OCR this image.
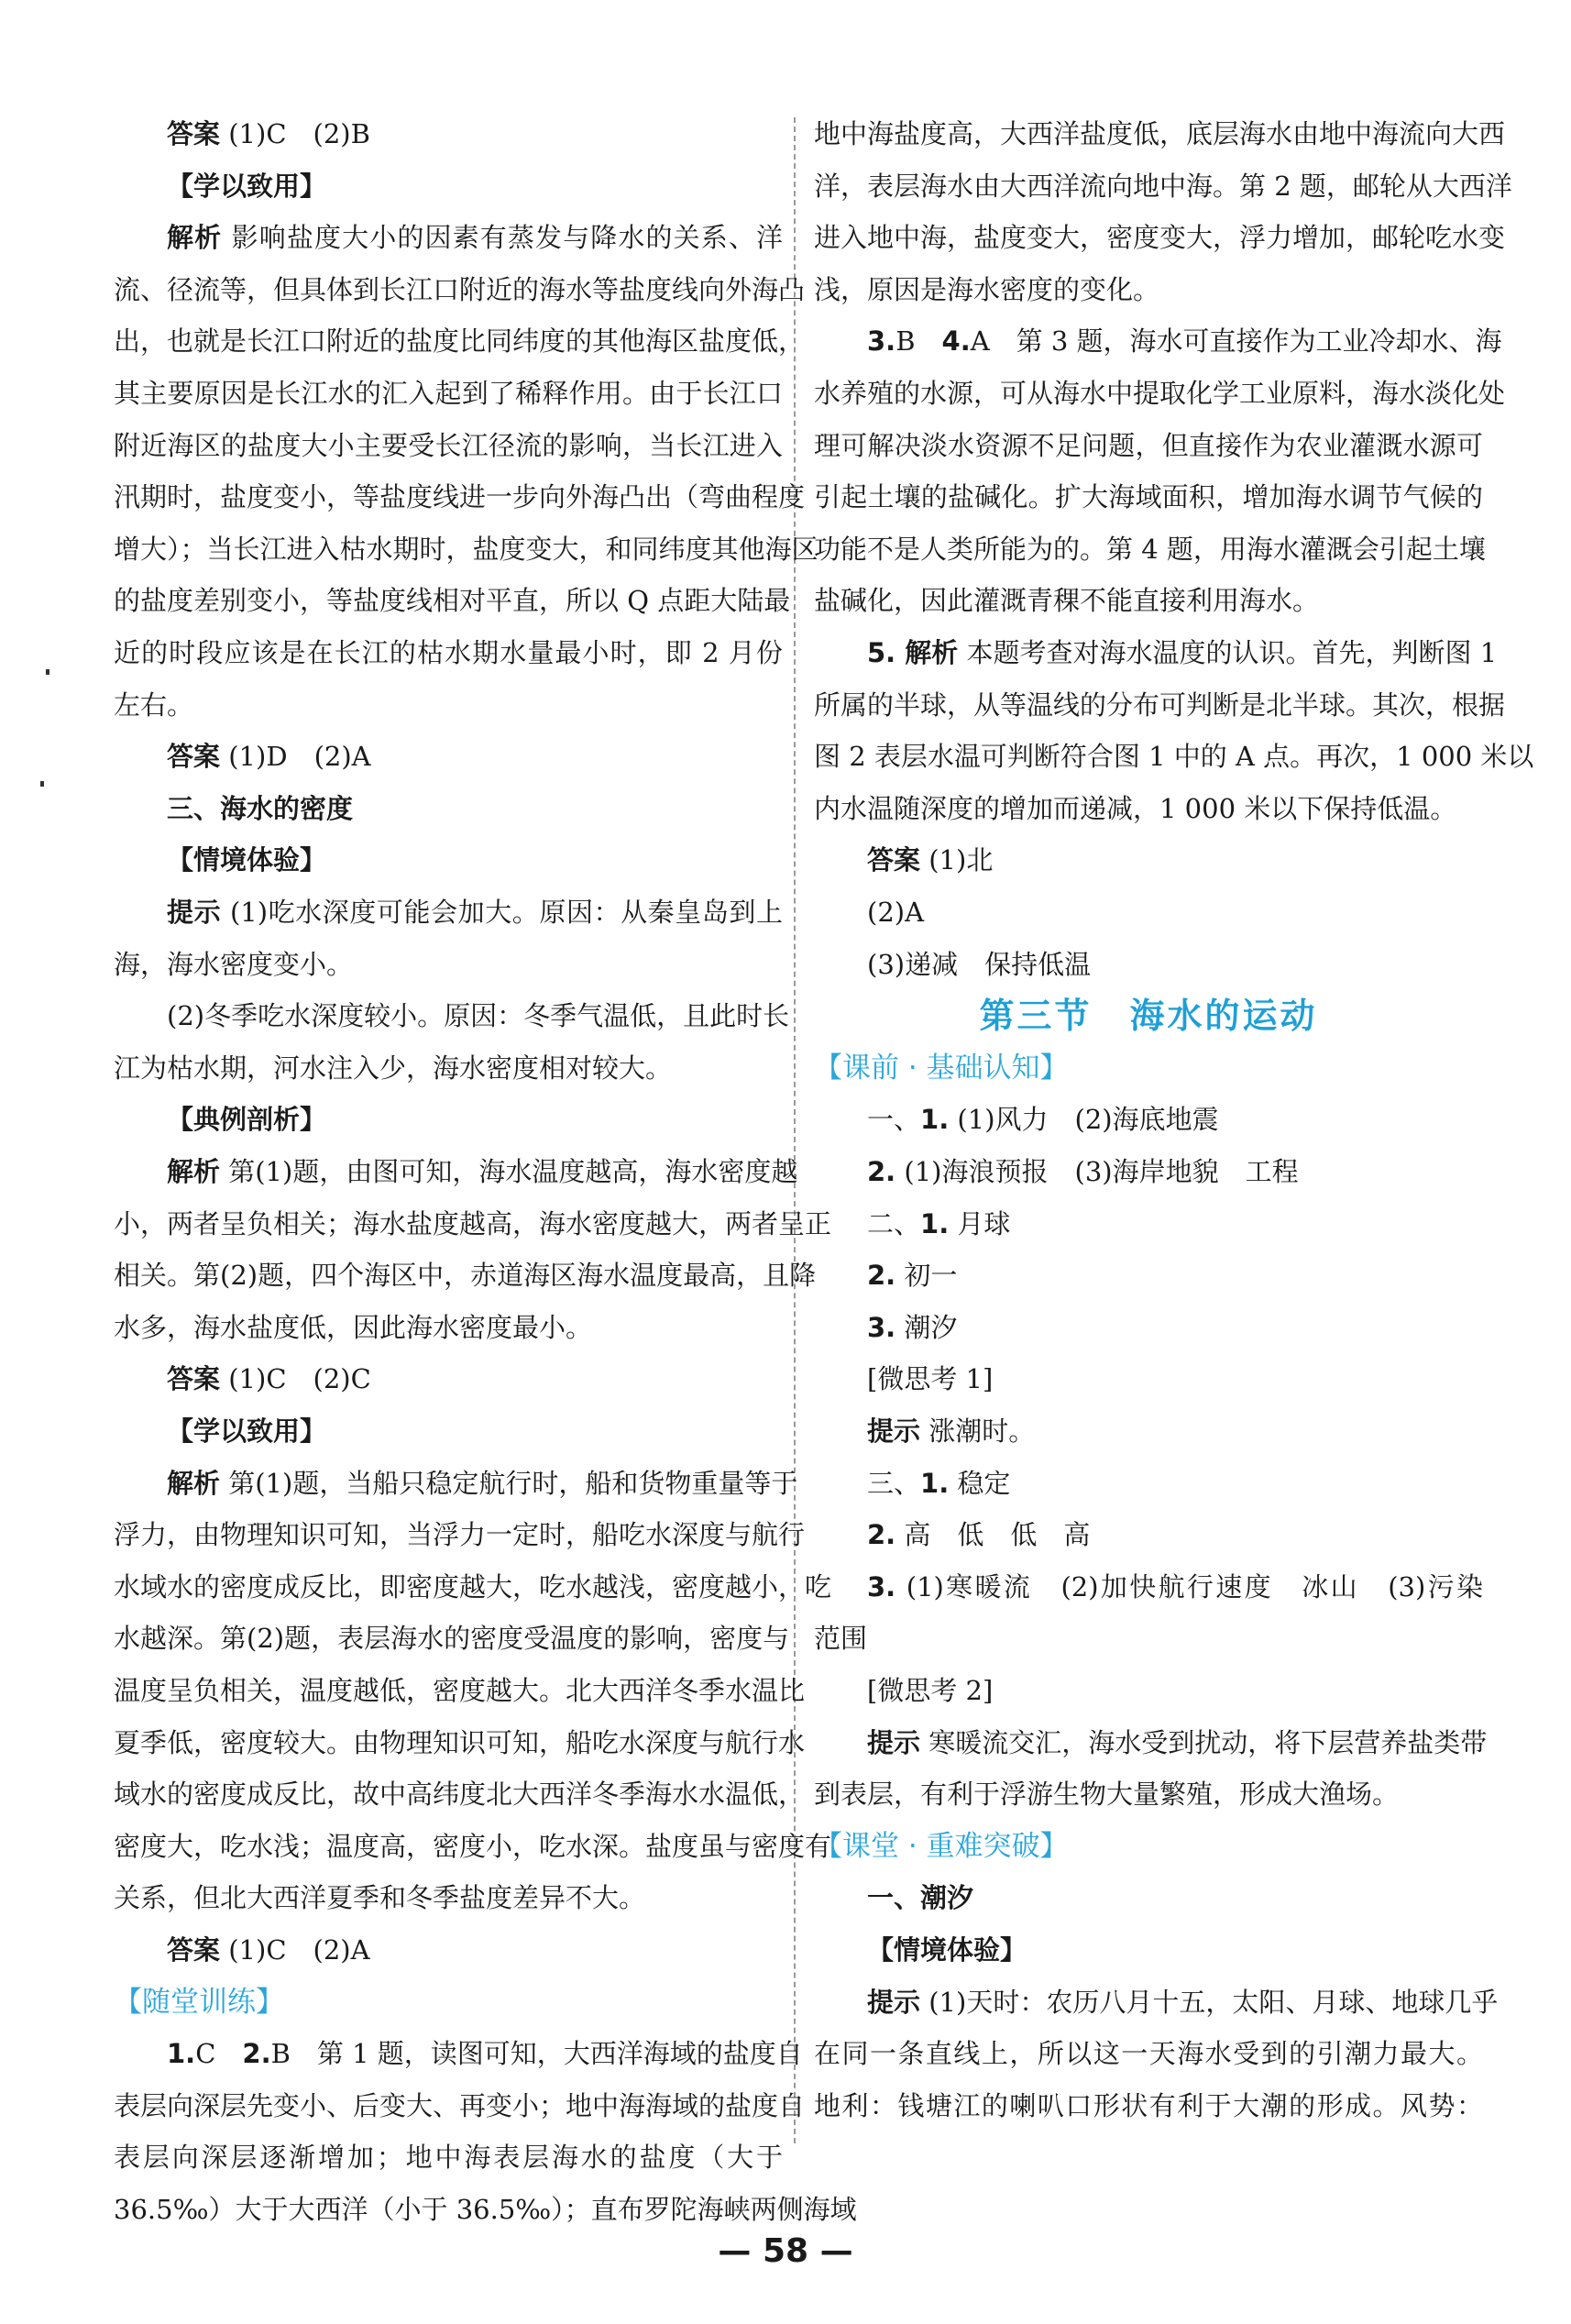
答案 (1)C　(2)B
【学以致用】
解析 影响盐度大小的因素有蒸发与降水的关系、洋
流、径流等，但具体到长江口附近的海水等盐度线向外海凸
出，也就是长江口附近的盐度比同纬度的其他海区盐度低，
其主要原因是长江水的汇入起到了稀释作用。由于长江口
附近海区的盐度大小主要受长江径流的影响，当长江进入
汛期时，盐度变小，等盐度线进一步向外海凸出（弯曲程度
增大）；当长江进入枯水期时，盐度变大，和同纬度其他海区
的盐度差别变小，等盐度线相对平直，所以 Q 点距大陆最
近的时段应该是在长江的枯水期水量最小时，即 2 月份
左右。
答案 (1)D　(2)A
三、海水的密度
【情境体验】
提示 (1)吃水深度可能会加大。原因：从秦皇岛到上
海，海水密度变小。
(2)冬季吃水深度较小。原因：冬季气温低，且此时长
江为枯水期，河水注入少，海水密度相对较大。
【典例剖析】
解析 第(1)题，由图可知，海水温度越高，海水密度越
小，两者呈负相关；海水盐度越高，海水密度越大，两者呈正
相关。第(2)题，四个海区中，赤道海区海水温度最高，且降
水多，海水盐度低，因此海水密度最小。
答案 (1)C　(2)C
【学以致用】
解析 第(1)题，当船只稳定航行时，船和货物重量等于
浮力，由物理知识可知，当浮力一定时，船吃水深度与航行
水域水的密度成反比，即密度越大，吃水越浅，密度越小，吃
水越深。第(2)题，表层海水的密度受温度的影响，密度与
温度呈负相关，温度越低，密度越大。北大西洋冬季水温比
夏季低，密度较大。由物理知识可知，船吃水深度与航行水
域水的密度成反比，故中高纬度北大西洋冬季海水水温低，
密度大，吃水浅；温度高，密度小，吃水深。盐度虽与密度有
关系，但北大西洋夏季和冬季盐度差异不大。
答案 (1)C　(2)A
【随堂训练】
1.C　2.B　第 1 题，读图可知，大西洋海域的盐度自
表层向深层先变小、后变大、再变小；地中海海域的盐度自
表层向深层逐渐增加；地中海表层海水的盐度（大于
36.5‰）大于大西洋（小于 36.5‰）；直布罗陀海峡两侧海域
地中海盐度高，大西洋盐度低，底层海水由地中海流向大西
洋，表层海水由大西洋流向地中海。第 2 题，邮轮从大西洋
进入地中海，盐度变大，密度变大，浮力增加，邮轮吃水变
浅，原因是海水密度的变化。
3.B　4.A　第 3 题，海水可直接作为工业冷却水、海
水养殖的水源，可从海水中提取化学工业原料，海水淡化处
理可解决淡水资源不足问题，但直接作为农业灌溉水源可
引起土壤的盐碱化。扩大海域面积，增加海水调节气候的
功能不是人类所能为的。第 4 题，用海水灌溉会引起土壤
盐碱化，因此灌溉青稞不能直接利用海水。
5. 解析 本题考查对海水温度的认识。首先，判断图 1
所属的半球，从等温线的分布可判断是北半球。其次，根据
图 2 表层水温可判断符合图 1 中的 A 点。再次，1 000 米以
内水温随深度的增加而递减，1 000 米以下保持低温。
答案 (1)北
(2)A
(3)递减　保持低温
第三节　海水的运动
【课前 · 基础认知】
一、1. (1)风力　(2)海底地震
2. (1)海浪预报　(3)海岸地貌　工程
二、1. 月球
2. 初一
3. 潮汐
[微思考 1]
提示 涨潮时。
三、1. 稳定
2. 高　低　低　高
3. (1)寒暖流　(2)加快航行速度　冰山　(3)污染
范围
[微思考 2]
提示 寒暖流交汇，海水受到扰动，将下层营养盐类带
到表层，有利于浮游生物大量繁殖，形成大渔场。
【课堂 · 重难突破】
一、潮汐
【情境体验】
提示 (1)天时：农历八月十五，太阳、月球、地球几乎
在同一条直线上，所以这一天海水受到的引潮力最大。
地利：钱塘江的喇叭口形状有利于大潮的形成。风势：
— 58 —
